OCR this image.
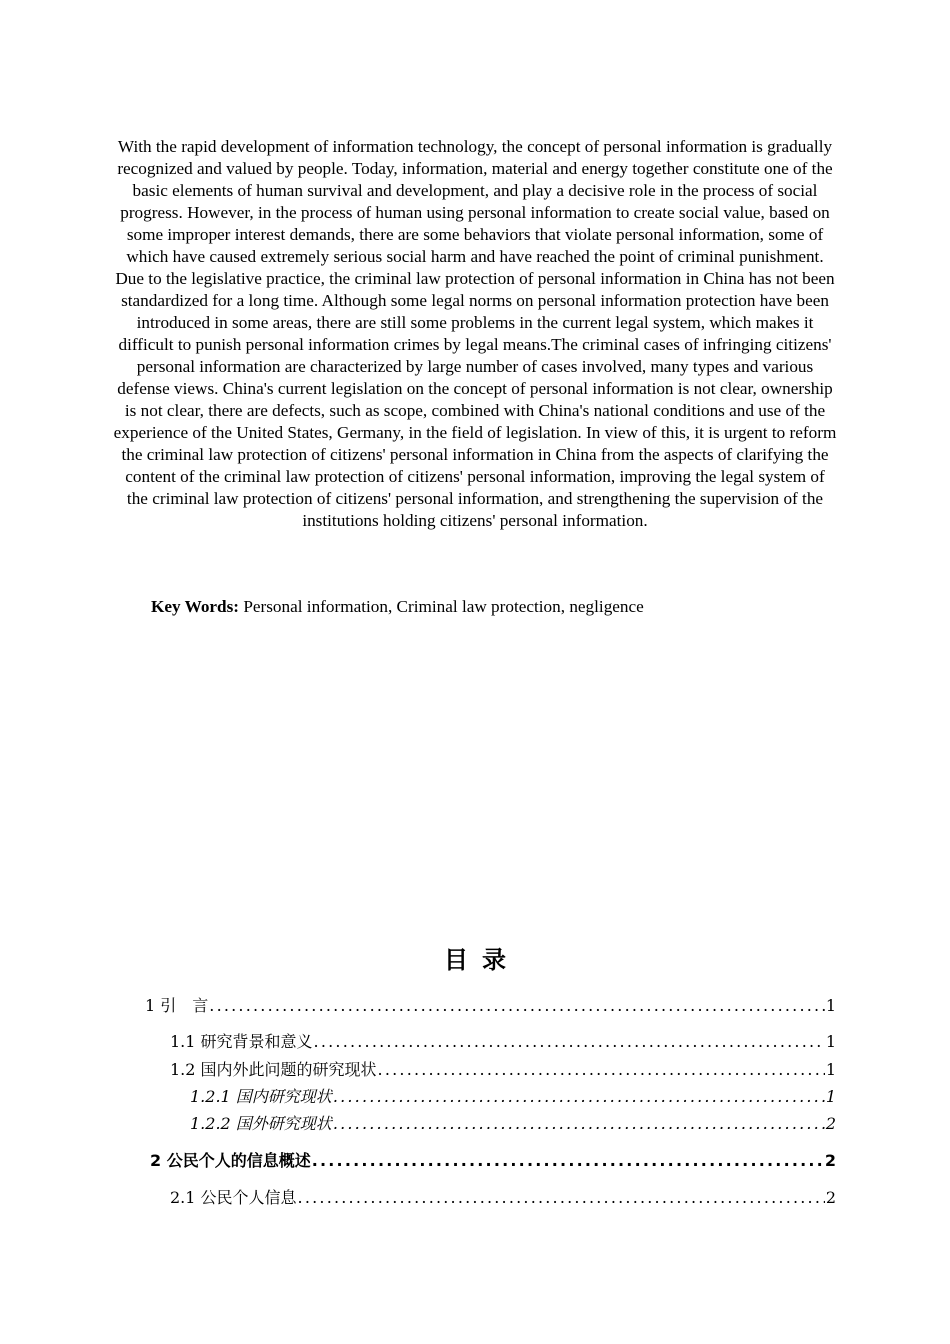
With the rapid development of information technology, the concept of personal information is gradually recognized and valued by people. Today, information, material and energy together constitute one of the basic elements of human survival and development, and play a decisive role in the process of social progress. However, in the process of human using personal information to create social value, based on some improper interest demands, there are some behaviors that violate personal information, some of which have caused extremely serious social harm and have reached the point of criminal punishment. Due to the legislative practice, the criminal law protection of personal information in China has not been standardized for a long time. Although some legal norms on personal information protection have been introduced in some areas, there are still some problems in the current legal system, which makes it difficult to punish personal information crimes by legal means.The criminal cases of infringing citizens' personal information are characterized by large number of cases involved, many types and various defense views. China's current legislation on the concept of personal information is not clear, ownership is not clear, there are defects, such as scope, combined with China's national conditions and use of the experience of the United States, Germany, in the field of legislation. In view of this, it is urgent to reform the criminal law protection of citizens' personal information in China from the aspects of clarifying the content of the criminal law protection of citizens' personal information, improving the legal system of the criminal law protection of citizens' personal information, and strengthening the supervision of the institutions holding citizens' personal information.

Key Words: Personal information, Criminal law protection, negligence
目录
1 引　言 .....	1
1.1 研究背景和意义 .....	1
1.2 国内外此问题的研究现状 .....	1
1.2.1 国内研究现状 .....	1
1.2.2 国外研究现状 .....	2
2 公民个人的信息概述 .....	2
2.1 公民个人信息 .....	2
